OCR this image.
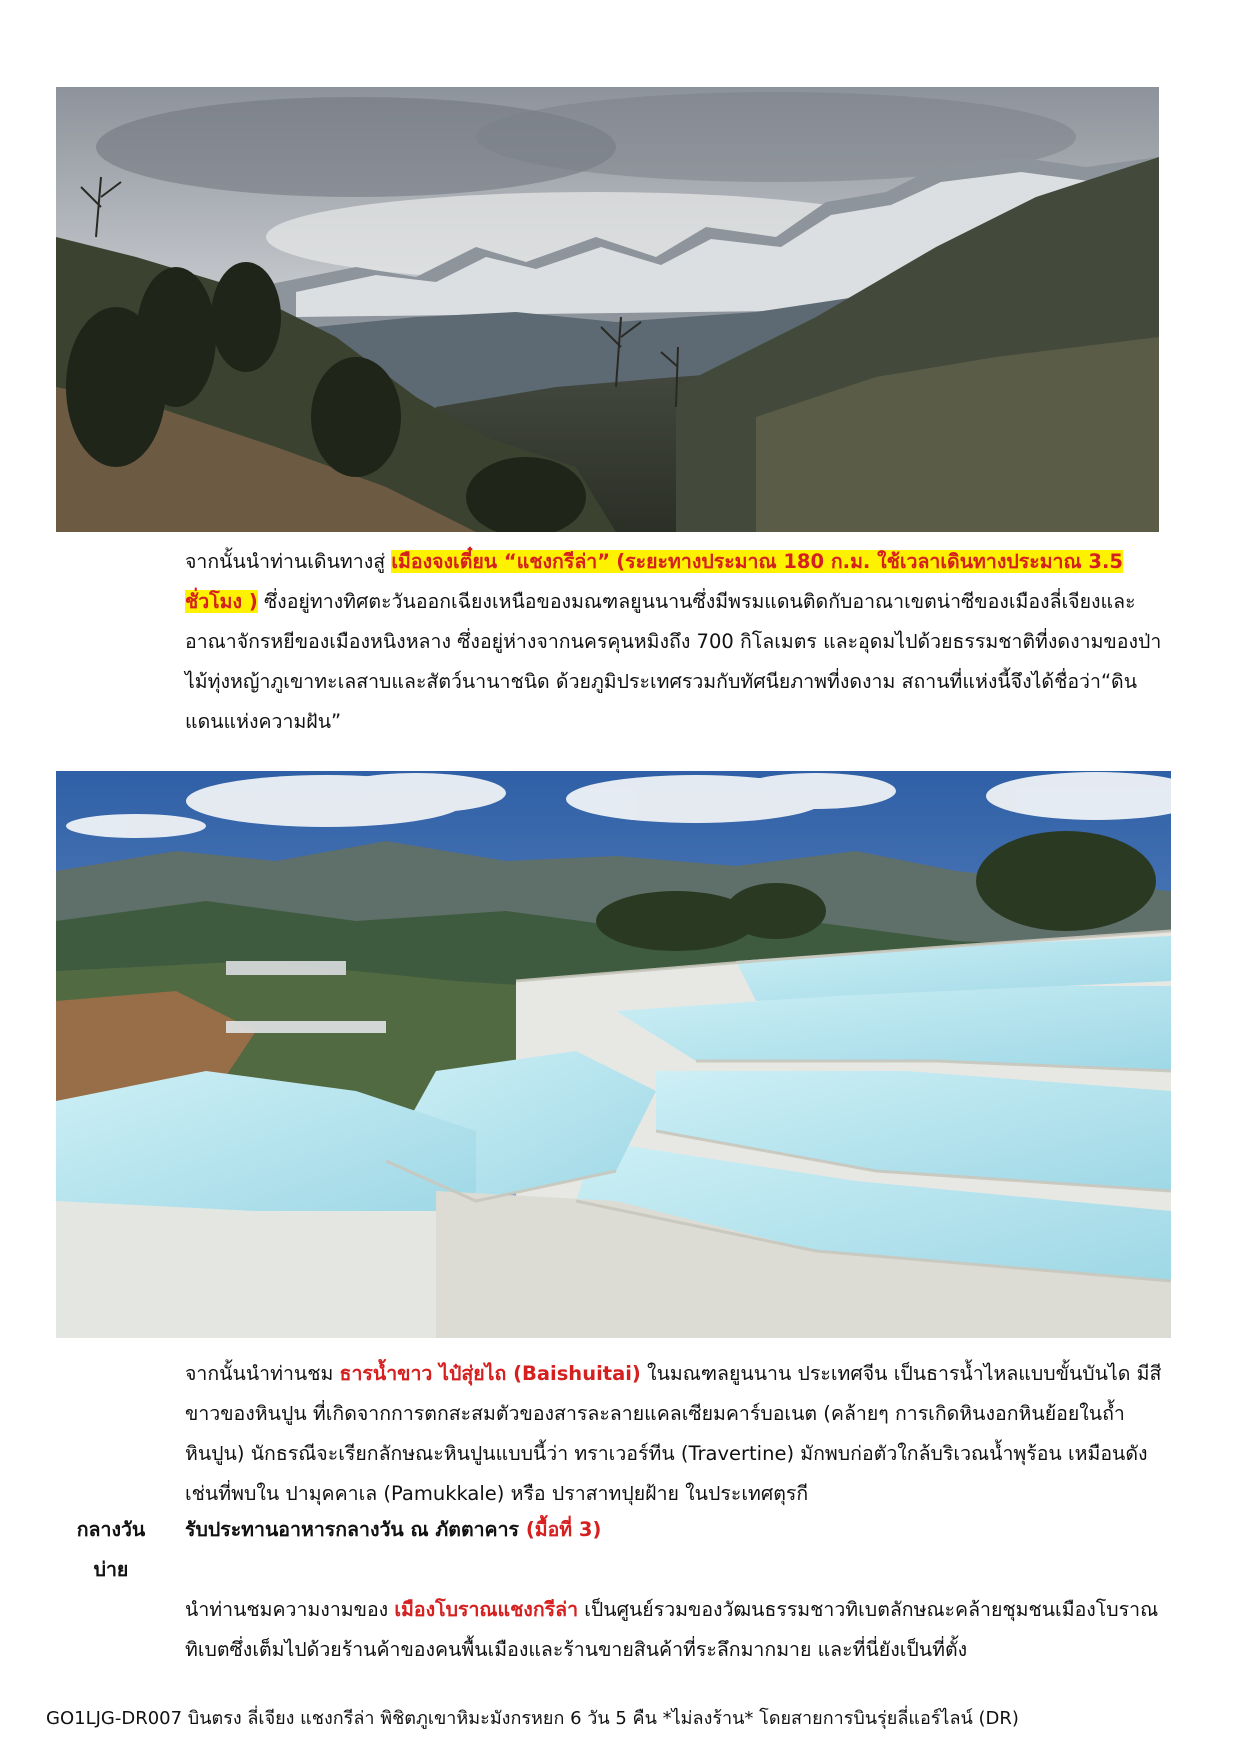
จากนั้นนำท่านเดินทางสู่ เมืองจงเตี๋ยน “แชงกรีล่า” (ระยะทางประมาณ 180 ก.ม. ใช้เวลาเดินทางประมาณ 3.5 ชั่วโมง ) ซึ่งอยู่ทางทิศตะวันออกเฉียงเหนือของมณฑลยูนนานซึ่งมีพรมแดนติดกับอาณาเขตน่าซีของเมืองลี่เจียงและอาณาจักรหยีของเมืองหนิงหลาง ซึ่งอยู่ห่างจากนครคุนหมิงถึง 700 กิโลเมตร และอุดมไปด้วยธรรมชาติที่งดงามของป่าไม้ทุ่งหญ้าภูเขาทะเลสาบและสัตว์นานาชนิด ด้วยภูมิประเทศรวมกับทัศนียภาพที่งดงาม สถานที่แห่งนี้จึงได้ชื่อว่า“ดินแดนแห่งความฝัน”
จากนั้นนำท่านชม ธารน้ำขาว ไป๋สุ่ยไถ (Baishuitai) ในมณฑลยูนนาน ประเทศจีน เป็นธารน้ำไหลแบบขั้นบันได มีสีขาวของหินปูน ที่เกิดจากการตกสะสมตัวของสารละลายแคลเซียมคาร์บอเนต (คล้ายๆ การเกิดหินงอกหินย้อยในถ้ำหินปูน) นักธรณีจะเรียกลักษณะหินปูนแบบนี้ว่า ทราเวอร์ทีน (Travertine) มักพบก่อตัวใกล้บริเวณน้ำพุร้อน เหมือนดังเช่นที่พบใน ปามุคคาเล (Pamukkale) หรือ ปราสาทปุยฝ้าย ในประเทศตุรกี
กลางวัน	รับประทานอาหารกลางวัน ณ ภัตตาคาร (มื้อที่ 3)
บ่าย
นำท่านชมความงามของ เมืองโบราณแชงกรีล่า เป็นศูนย์รวมของวัฒนธรรมชาวทิเบตลักษณะคล้ายชุมชนเมืองโบราณทิเบตซึ่งเต็มไปด้วยร้านค้าของคนพื้นเมืองและร้านขายสินค้าที่ระลึกมากมาย และที่นี่ยังเป็นที่ตั้ง
GO1LJG-DR007 บินตรง ลี่เจียง แชงกรีล่า พิชิตภูเขาหิมะมังกรหยก 6 วัน 5 คืน *ไม่ลงร้าน* โดยสายการบินรุ่ยลี่แอร์ไลน์ (DR)
